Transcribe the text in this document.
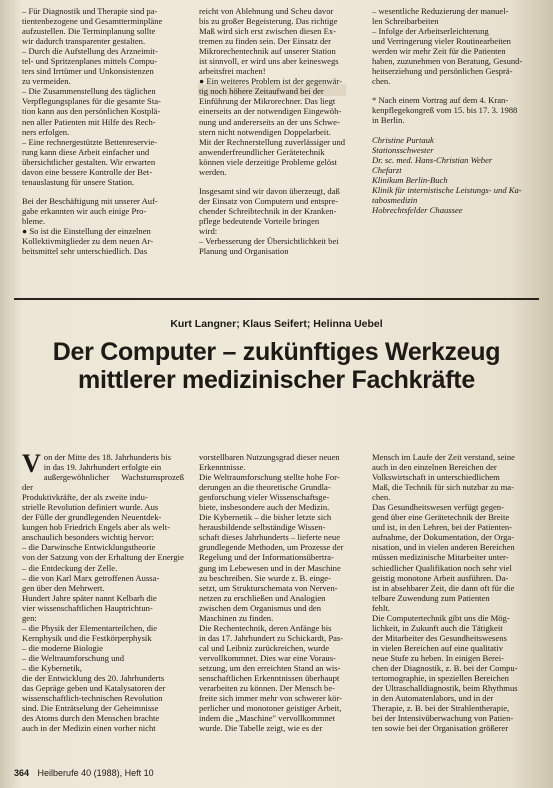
– Für Diagnostik und Therapie sind pa-

tientenbezogene und Gesamtterminpläne

aufzustellen. Die Terminplanung sollte

wir dadurch transparenter gestalten.

– Durch die Aufstellung des Arzneimit-

tel- und Spritzenplanes mittels Compu-

ters sind Irrtümer und Unkonsistenzen

zu vermeiden.

– Die Zusammenstellung des täglichen

Verpflegungsplanes für die gesamte Sta-

tion kann aus den persönlichen Kostplä-

nen aller Patienten mit Hilfe des Rech-

ners erfolgen.

– Eine rechnergestützte Bettenreservie-

rung kann diese Arbeit einfacher und

übersichtlicher gestalten. Wir erwarten

davon eine bessere Kontrolle der Bet-

tenauslastung für unsere Station.

Bei der Beschäftigung mit unserer Auf-

gabe erkannten wir auch einige Pro-

bleme.

● So ist die Einstellung der einzelnen

Kollektivmitglieder zu dem neuen Ar-

beitsmittel sehr unterschiedlich. Das

reicht von Ablehnung und Scheu davor

bis zu großer Begeisterung. Das richtige

Maß wird sich erst zwischen diesen Ex-

tremen zu finden sein. Der Einsatz der

Mikrorechentechnik auf unserer Station

ist sinnvoll, er wird uns aber keineswegs

arbeitsfrei machen!

● Ein weiteres Problem ist der gegenwär-

tig noch höhere Zeitaufwand bei der

Einführung der Mikrorechner. Das liegt

einerseits an der notwendigen Eingewöh-

nung und andererseits an der uns Schwe-

stern nicht notwendigen Doppelarbeit.

Mit der Rechnerstellung zuverlässiger und

anwenderfreundlicher Gerätetechnik

können viele derzeitige Probleme gelöst

werden.

Insgesamt sind wir davon überzeugt, daß

der Einsatz von Computern und entspre-

chender Schreibtechnik in der Kranken-

pflege bedeutende Vorteile bringen

wird:

– Verbesserung der Übersichtlichkeit bei

Planung und Organisation

– wesentliche Reduzierung der manuel-

len Schreibarbeiten

– Infolge der Arbeitserleichterung

und Verringerung vieler Routinearbeiten

werden wir mehr Zeit für die Patienten

haben, zuzunehmen von Beratung, Gesund-

heitserziehung und persönlichen Gesprä-

chen.

* Nach einem Vortrag auf dem 4. Kran-

kenpflegekongreß vom 15. bis 17. 3. 1988

in Berlin.

Christine Purtauk

Stationsschwester

Dr. sc. med. Hans-Christian Weber

Chefarzt

Klinikum Berlin-Buch

Klinik für internistische Leistungs- und Ka-

tabosmedizin

Hobrechtsfelder Chaussee

Kurt Langner; Klaus Seifert; Helinna Uebel
Der Computer – zukünftiges Werkzeug
mittlerer medizinischer Fachkräfte
V on der Mitte des 18. Jahrhunderts bis

in das 19. Jahrhundert erfolgte ein

außergewöhnlicher Wachstumsprozeß der

Produktivkräfte, der als zweite indu-

strielle Revolution definiert wurde. Aus

der Fülle der grundlegenden Neuentdek-

kungen hob Friedrich Engels aber als welt-

anschaulich besonders wichtig hervor:

– die Darwinsche Entwicklungstheorie

von der Satzung von der Erhaltung der Energie

– die Entdeckung der Zelle.

– die von Karl Marx getroffenen Aussa-

gen über den Mehrwert.

Hundert Jahre später nannt Kelbarh die

vier wissenschaftlichen Hauptrichtun-

gen:

– die Physik der Elementarteilchen, die

Kernphysik und die Festkörperphysik

– die moderne Biologie

– die Weltraumforschung und

– die Kybernetik,

die der Entwicklung des 20. Jahrhunderts

das Gepräge geben und Katalysatoren der

wissenschaftlich-technischen Revolution

sind. Die Enträtselung der Geheimnisse

des Atoms durch den Menschen brachte

auch in der Medizin einen vorher nicht

vorstellbaren Nutzungsgrad dieser neuen

Erkenntnisse.

Die Weltraumforschung stellte hohe For-

derungen an die theoretische Grundla-

genforschung vieler Wissenschaftsge-

biete, insbesondere auch der Medizin.

Die Kybernetik – die bisher letzte sich

herausbildende selbständige Wissen-

schaft dieses Jahrhunderts – lieferte neue

grundlegende Methoden, um Prozesse der

Regelung und der Informationsübertra-

gung im Lebewesen und in der Maschine

zu beschreiben. Sie wurde z. B. einge-

setzt, um Strukturschemata von Nerven-

netzen zu erschließen und Analogien

zwischen dem Organismus und den

Maschinen zu finden.

Die Rechentechnik, deren Anfänge bis

in das 17. Jahrhundert zu Schickardt, Pas-

cal und Leibniz zurückreichen, wurde

vervollkommnet. Dies war eine Voraus-

setzung, um den erreichten Stand an wis-

senschaftlichen Erkenntnissen überhaupt

verarbeiten zu können. Der Mensch be-

freite sich immer mehr von schwerer kör-

perlicher und monotoner geistiger Arbeit,

indem die „Maschine" vervollkommnet

wurde. Die Tabelle zeigt, wie es der

Mensch im Laufe der Zeit verstand, seine

auch in den einzelnen Bereichen der

Volkswirtschaft in unterschiedlichem

Maß, die Technik für sich nutzbar zu ma-

chen.

Das Gesundheitswesen verfügt gegen-

gend über eine Gerätetechnik der Breite

und ist, in den Lehren, bei der Patienten-

aufnahme, der Dokumentation, der Orga-

nisation, und in vielen anderen Bereichen

müssen medizinische Mitarbeiter unter-

schiedlicher Qualifikation noch sehr viel

geistig monotone Arbeit ausführen. Da-

ist in absehbarer Zeit, die dann oft für die

telbare Zuwendung zum Patienten

fehlt.

Die Computertechnik gibt uns die Mög-

lichkeit, in Zukunft auch die Tätigkeit

der Mitarbeiter des Gesundheitswesens

in vielen Bereichen auf eine qualitativ

neue Stufe zu heben. In einigen Berei-

chen der Diagnostik, z. B. bei der Compu-

tertomographie, in speziellen Bereichen

der Ultraschalldiagnostik, beim Rhythmus

in den Automatenlabors, und in der

Therapie, z. B. bei der Strahlentherapie,

bei der Intensivüberwachung von Patien-

ten sowie bei der Organisation größerer

364 Heilberufe 40 (1988), Heft 10
